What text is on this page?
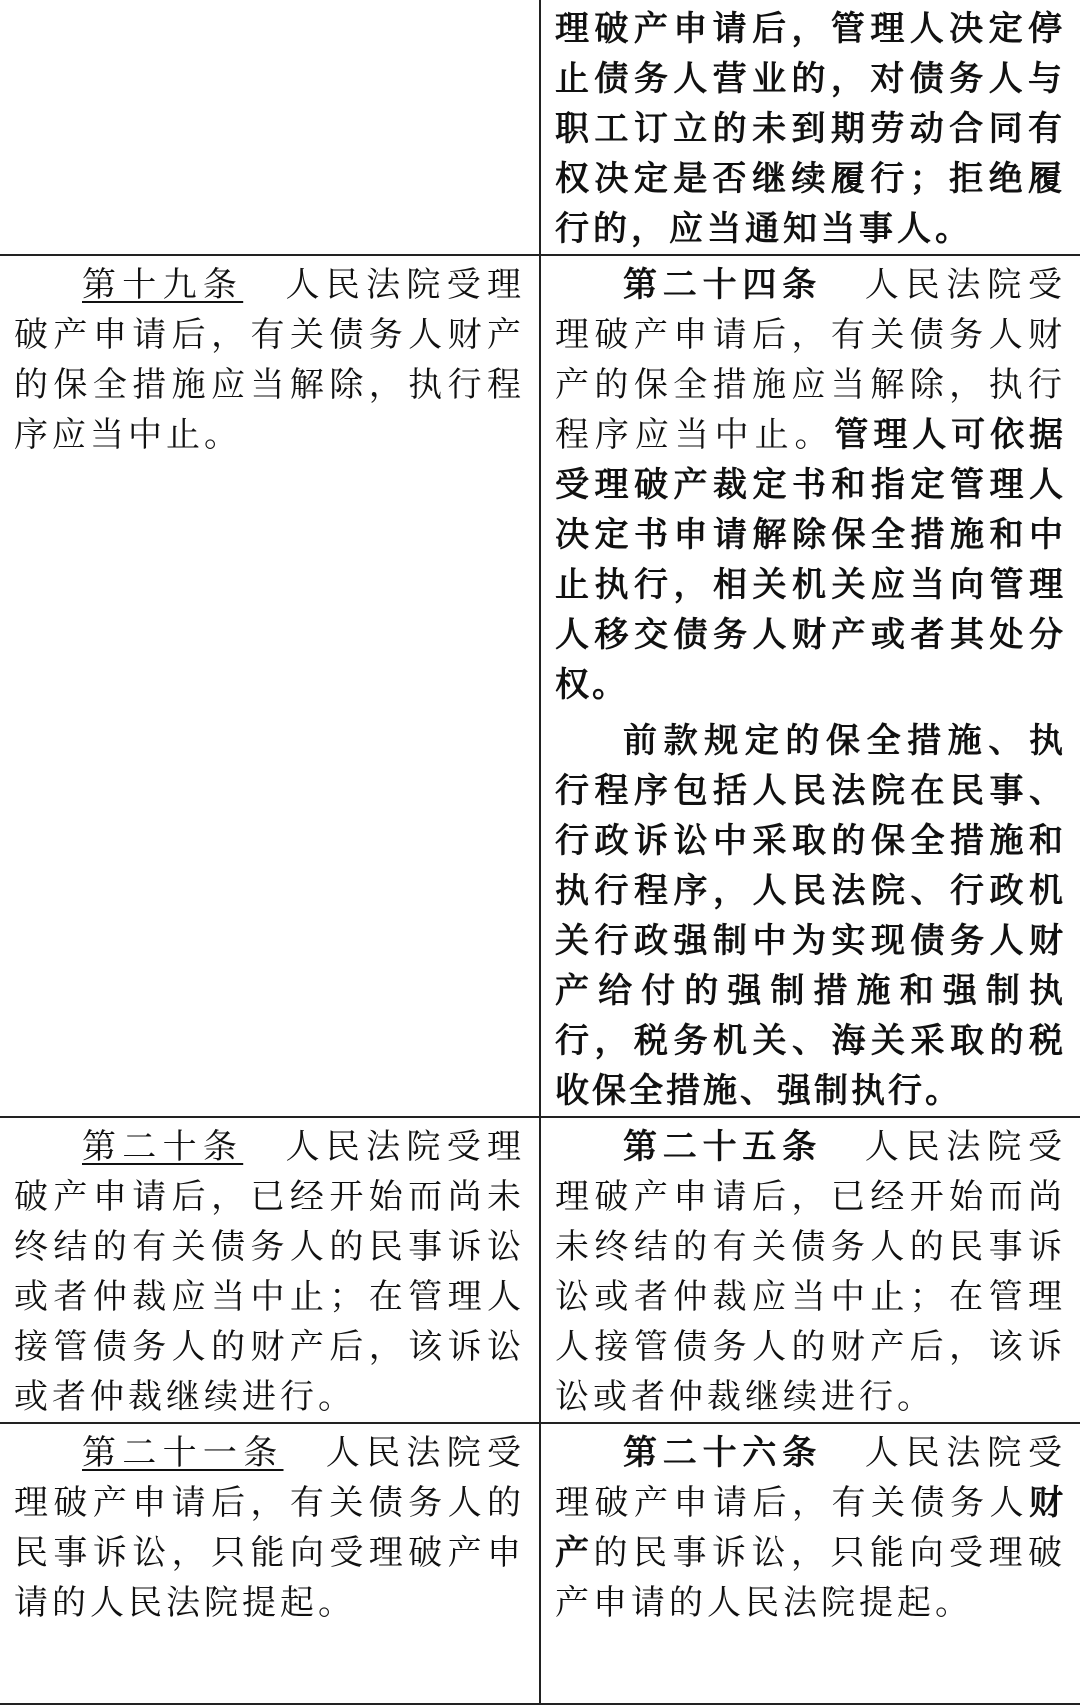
	理破产申请后，管理人决定停止债务人营业的，对债务人与职工订立的未到期劳动合同有权决定是否继续履行；拒绝履行的，应当通知当事人。

第十九条 人民法院受理破产申请后，有关债务人财产的保全措施应当解除，执行程序应当中止。	第二十四条 人民法院受理破产申请后，有关债务人财产的保全措施应当解除，执行程序应当中止。管理人可依据受理破产裁定书和指定管理人决定书申请解除保全措施和中止执行，相关机关应当向管理人移交债务人财产或者其处分权。

前款规定的保全措施、执行程序包括人民法院在民事、行政诉讼中采取的保全措施和执行程序，人民法院、行政机关行政强制中为实现债务人财产给付的强制措施和强制执行，税务机关、海关采取的税收保全措施、强制执行。

第二十条 人民法院受理破产申请后，已经开始而尚未终结的有关债务人的民事诉讼或者仲裁应当中止；在管理人接管债务人的财产后，该诉讼或者仲裁继续进行。	第二十五条 人民法院受理破产申请后，已经开始而尚未终结的有关债务人的民事诉讼或者仲裁应当中止；在管理人接管债务人的财产后，该诉讼或者仲裁继续进行。

第二十一条 人民法院受理破产申请后，有关债务人的民事诉讼，只能向受理破产申请的人民法院提起。	第二十六条 人民法院受理破产申请后，有关债务人财产的民事诉讼，只能向受理破产申请的人民法院提起。
